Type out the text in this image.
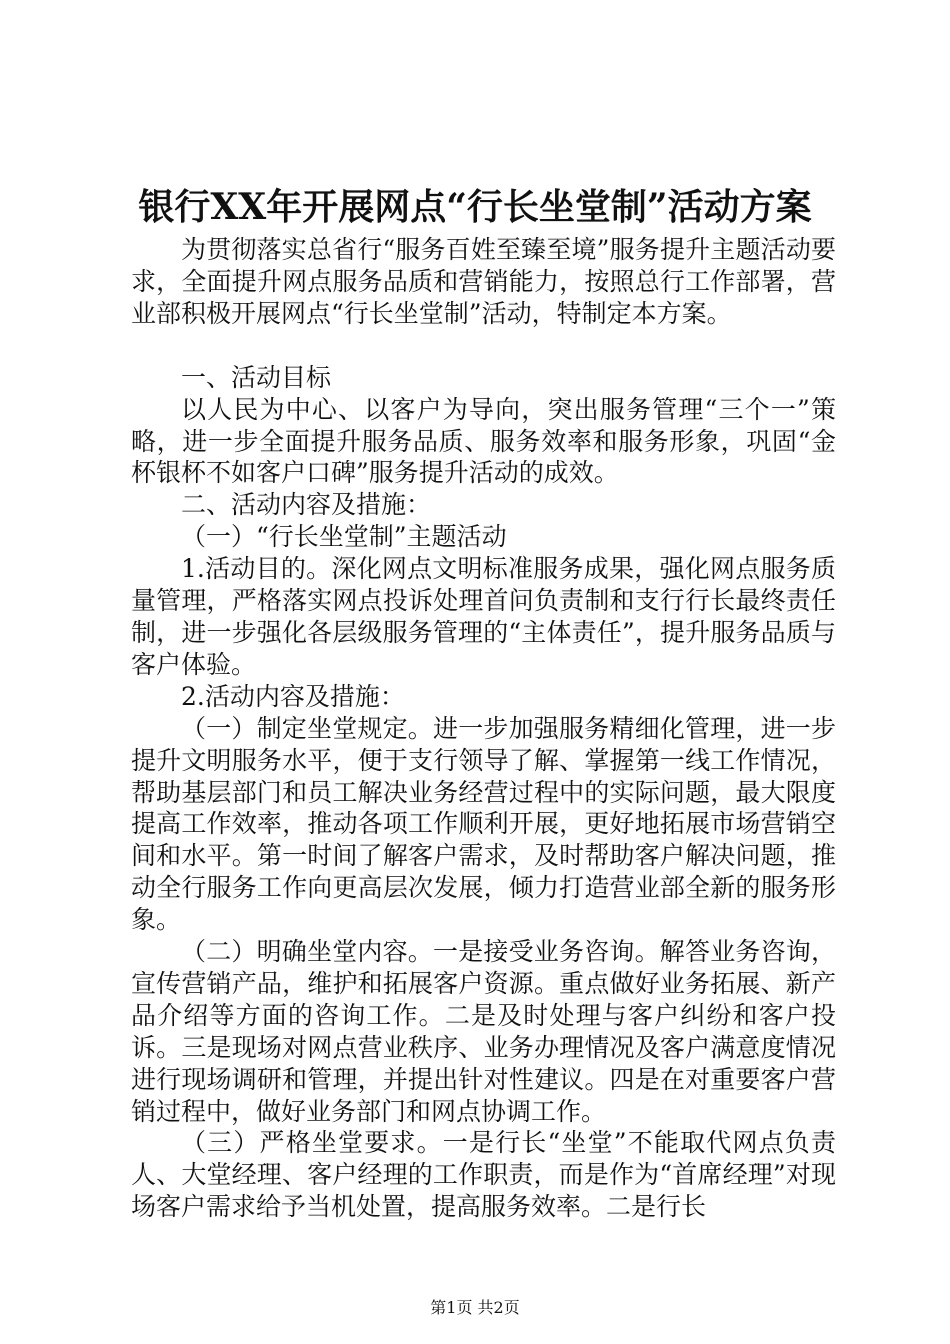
银行XX年开展网点“行长坐堂制”活动方案

为贯彻落实总省行“服务百姓至臻至境”服务提升主题活动要求，全面提升网点服务品质和营销能力，按照总行工作部署，营业部积极开展网点“行长坐堂制”活动，特制定本方案。

一、活动目标

以人民为中心、以客户为导向，突出服务管理“三个一”策略，进一步全面提升服务品质、服务效率和服务形象，巩固“金杯银杯不如客户口碑”服务提升活动的成效。

二、活动内容及措施：

（一）“行长坐堂制”主题活动

1.活动目的。深化网点文明标准服务成果，强化网点服务质量管理，严格落实网点投诉处理首问负责制和支行行长最终责任制，进一步强化各层级服务管理的“主体责任”，提升服务品质与客户体验。

2.活动内容及措施：

（一）制定坐堂规定。进一步加强服务精细化管理，进一步提升文明服务水平，便于支行领导了解、掌握第一线工作情况，帮助基层部门和员工解决业务经营过程中的实际问题，最大限度提高工作效率，推动各项工作顺利开展，更好地拓展市场营销空间和水平。第一时间了解客户需求，及时帮助客户解决问题，推动全行服务工作向更高层次发展，倾力打造营业部全新的服务形象。

（二）明确坐堂内容。一是接受业务咨询。解答业务咨询，宣传营销产品，维护和拓展客户资源。重点做好业务拓展、新产品介绍等方面的咨询工作。二是及时处理与客户纠纷和客户投诉。三是现场对网点营业秩序、业务办理情况及客户满意度情况进行现场调研和管理，并提出针对性建议。四是在对重要客户营销过程中，做好业务部门和网点协调工作。

（三）严格坐堂要求。一是行长“坐堂”不能取代网点负责人、大堂经理、客户经理的工作职责，而是作为“首席经理”对现场客户需求给予当机处置，提高服务效率。二是行长

第1页 共2页
